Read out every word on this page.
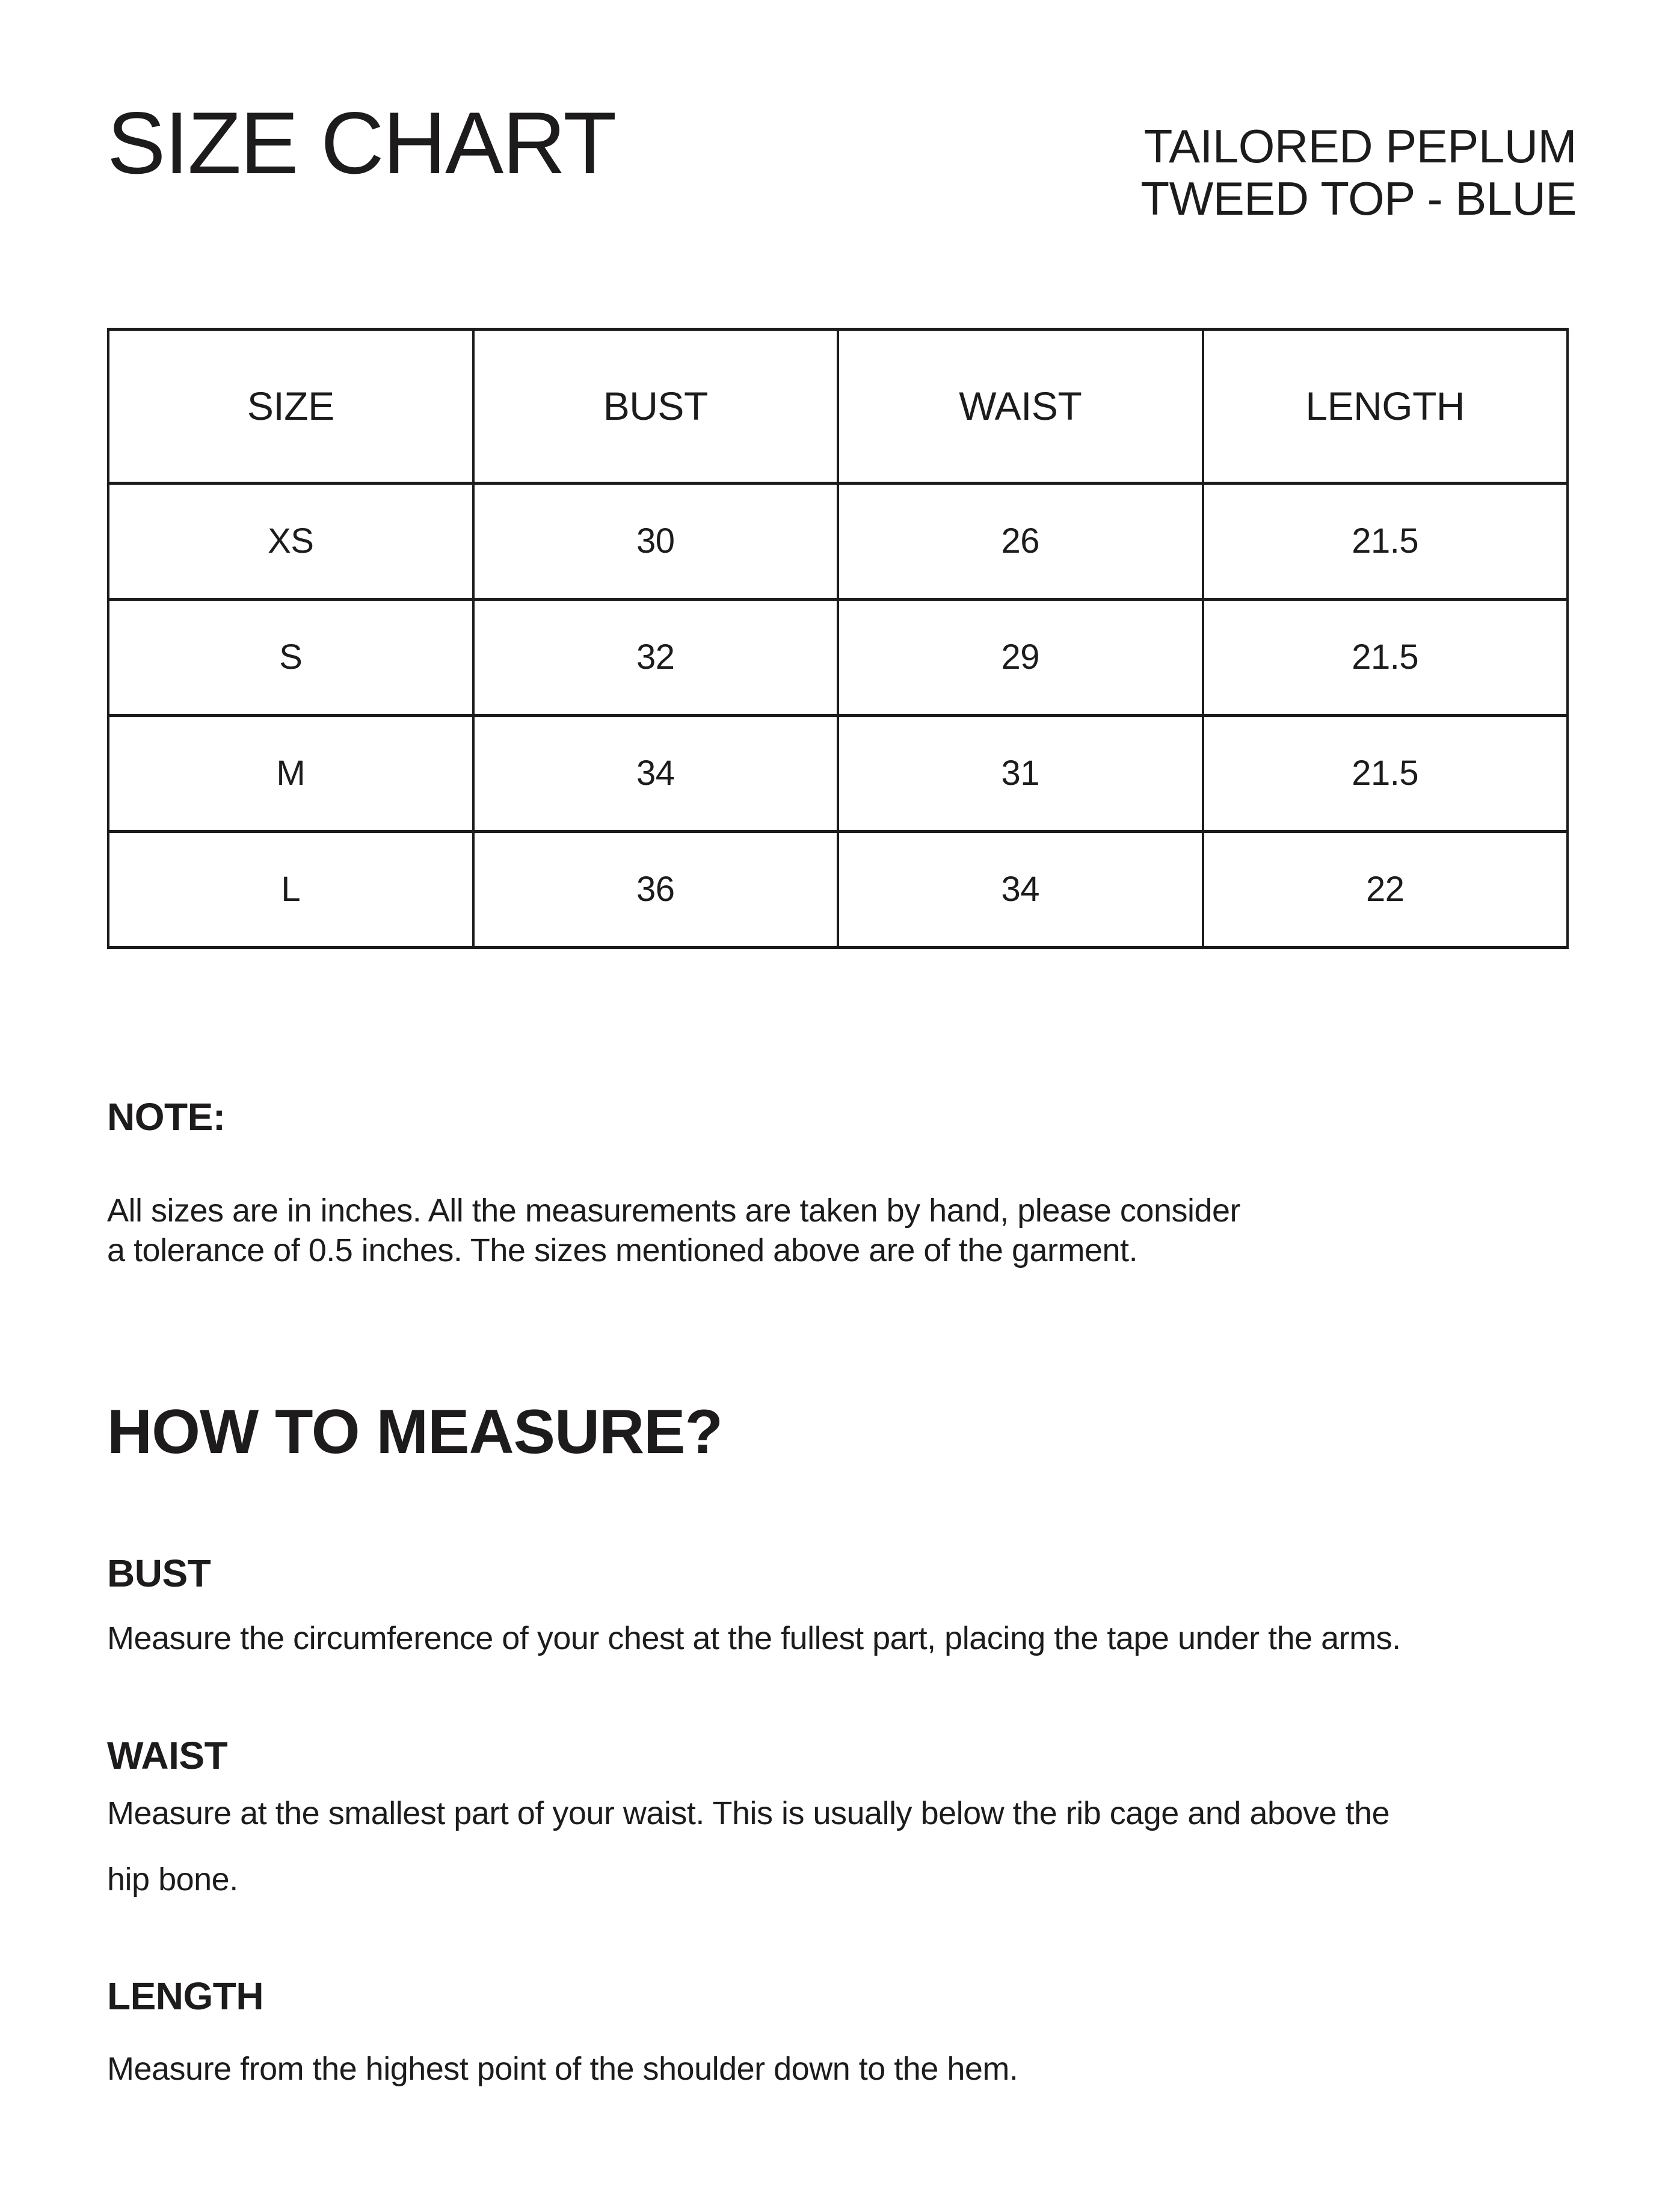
SIZE CHART	TAILORED PEPLUM
TWEED TOP - BLUE
SIZE	BUST	WAIST	LENGTH
XS	30	26	21.5
S	32	29	21.5
M	34	31	21.5
L	36	34	22
NOTE:
All sizes are in inches. All the measurements are taken by hand, please consider
a tolerance of 0.5 inches. The sizes mentioned above are of the garment.
HOW TO MEASURE?
BUST
Measure the circumference of your chest at the fullest part, placing the tape under the arms.
WAIST
Measure at the smallest part of your waist. This is usually below the rib cage and above the
hip bone.
LENGTH
Measure from the highest point of the shoulder down to the hem.
